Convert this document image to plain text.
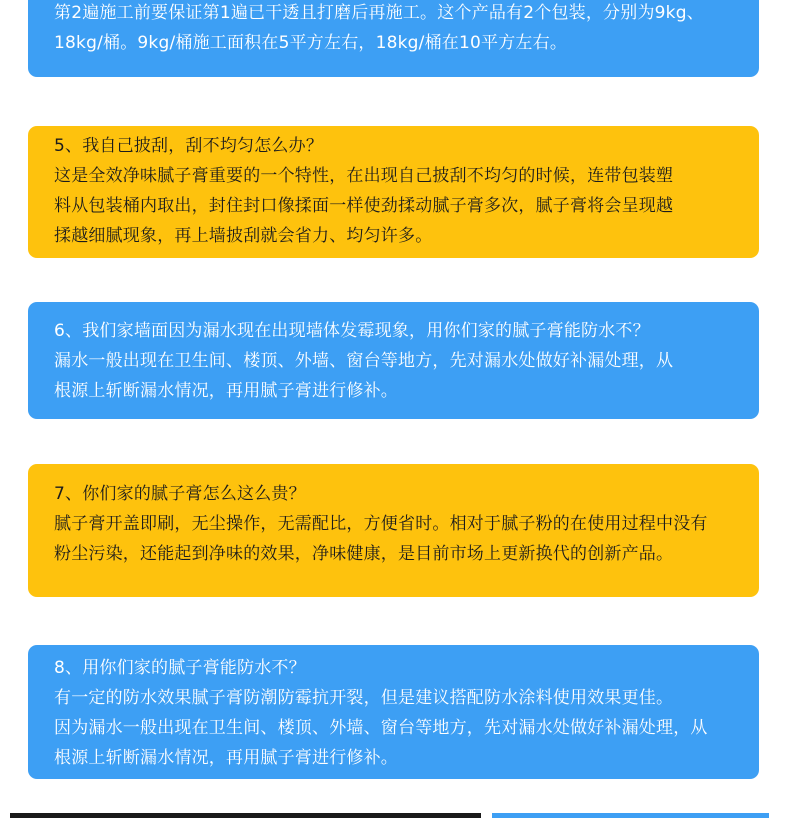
第2遍施工前要保证第1遍已干透且打磨后再施工。这个产品有2个包装，分别为9kg、

18kg/桶。9kg/桶施工面积在5平方左右，18kg/桶在10平方左右。

5、我自己披刮，刮不均匀怎么办？

这是全效净味腻子膏重要的一个特性，在出现自己披刮不均匀的时候，连带包装塑

料从包装桶内取出，封住封口像揉面一样使劲揉动腻子膏多次，腻子膏将会呈现越

揉越细腻现象，再上墙披刮就会省力、均匀许多。

6、我们家墙面因为漏水现在出现墙体发霉现象，用你们家的腻子膏能防水不？

漏水一般出现在卫生间、楼顶、外墙、窗台等地方，先对漏水处做好补漏处理，从

根源上斩断漏水情况，再用腻子膏进行修补。

7、你们家的腻子膏怎么这么贵？

腻子膏开盖即刷，无尘操作，无需配比，方便省时。相对于腻子粉的在使用过程中没有

粉尘污染，还能起到净味的效果，净味健康，是目前市场上更新换代的创新产品。

8、用你们家的腻子膏能防水不？

有一定的防水效果腻子膏防潮防霉抗开裂，但是建议搭配防水涂料使用效果更佳。

因为漏水一般出现在卫生间、楼顶、外墙、窗台等地方，先对漏水处做好补漏处理，从

根源上斩断漏水情况，再用腻子膏进行修补。
